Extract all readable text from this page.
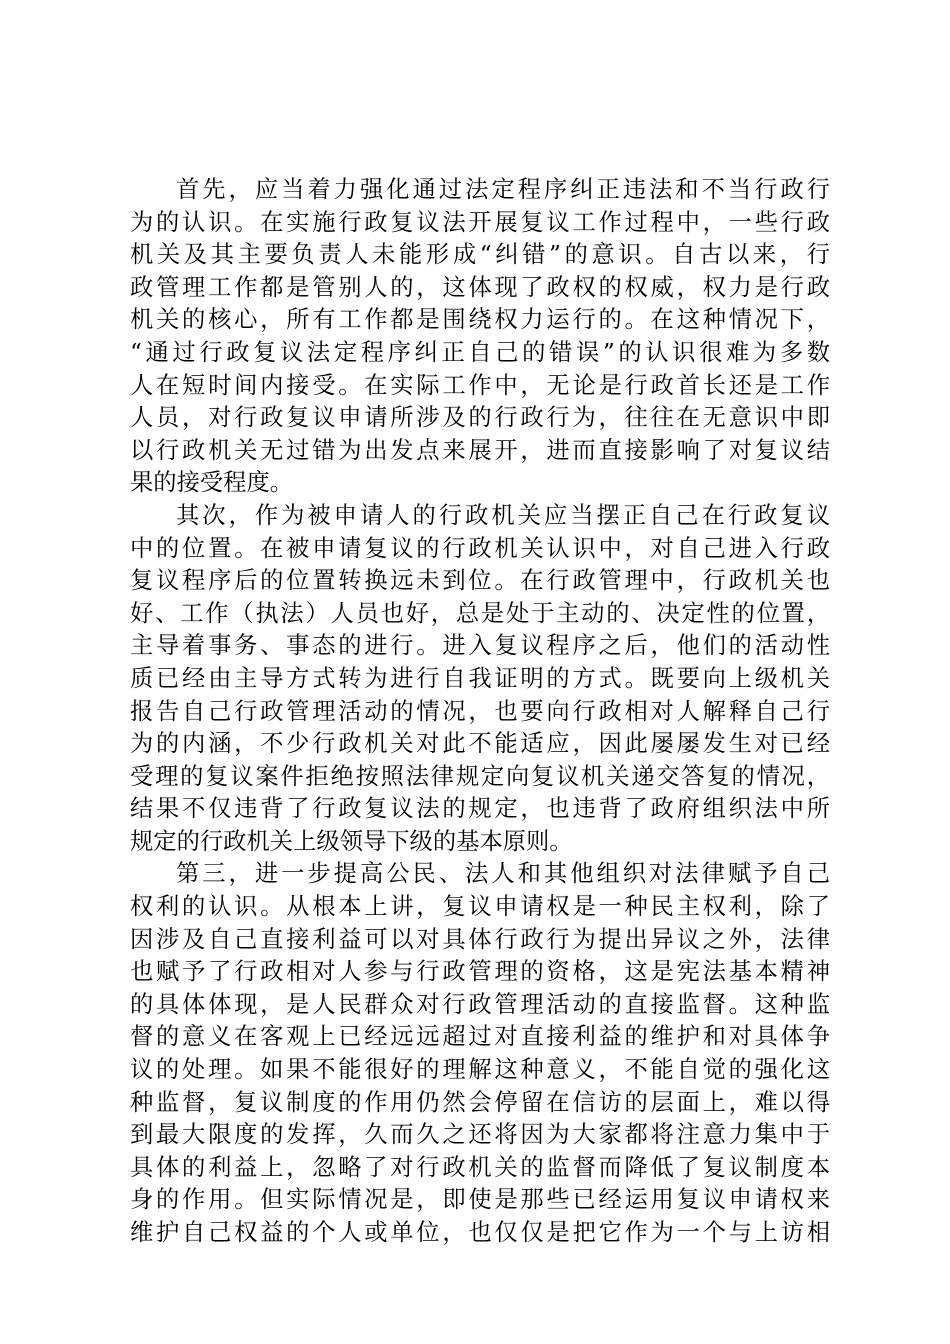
首先，应当着力强化通过法定程序纠正违法和不当行政行
为的认识。在实施行政复议法开展复议工作过程中，一些行政
机关及其主要负责人未能形成“纠错”的意识。自古以来，行
政管理工作都是管别人的，这体现了政权的权威，权力是行政
机关的核心，所有工作都是围绕权力运行的。在这种情况下，
“通过行政复议法定程序纠正自己的错误”的认识很难为多数
人在短时间内接受。在实际工作中，无论是行政首长还是工作
人员，对行政复议申请所涉及的行政行为，往往在无意识中即
以行政机关无过错为出发点来展开，进而直接影响了对复议结
果的接受程度。
其次，作为被申请人的行政机关应当摆正自己在行政复议
中的位置。在被申请复议的行政机关认识中，对自己进入行政
复议程序后的位置转换远未到位。在行政管理中，行政机关也
好、工作（执法）人员也好，总是处于主动的、决定性的位置，
主导着事务、事态的进行。进入复议程序之后，他们的活动性
质已经由主导方式转为进行自我证明的方式。既要向上级机关
报告自己行政管理活动的情况，也要向行政相对人解释自己行
为的内涵，不少行政机关对此不能适应，因此屡屡发生对已经
受理的复议案件拒绝按照法律规定向复议机关递交答复的情况，
结果不仅违背了行政复议法的规定，也违背了政府组织法中所
规定的行政机关上级领导下级的基本原则。
第三，进一步提高公民、法人和其他组织对法律赋予自己
权利的认识。从根本上讲，复议申请权是一种民主权利，除了
因涉及自己直接利益可以对具体行政行为提出异议之外，法律
也赋予了行政相对人参与行政管理的资格，这是宪法基本精神
的具体体现，是人民群众对行政管理活动的直接监督。这种监
督的意义在客观上已经远远超过对直接利益的维护和对具体争
议的处理。如果不能很好的理解这种意义，不能自觉的强化这
种监督，复议制度的作用仍然会停留在信访的层面上，难以得
到最大限度的发挥，久而久之还将因为大家都将注意力集中于
具体的利益上，忽略了对行政机关的监督而降低了复议制度本
身的作用。但实际情况是，即使是那些已经运用复议申请权来
维护自己权益的个人或单位，也仅仅是把它作为一个与上访相
